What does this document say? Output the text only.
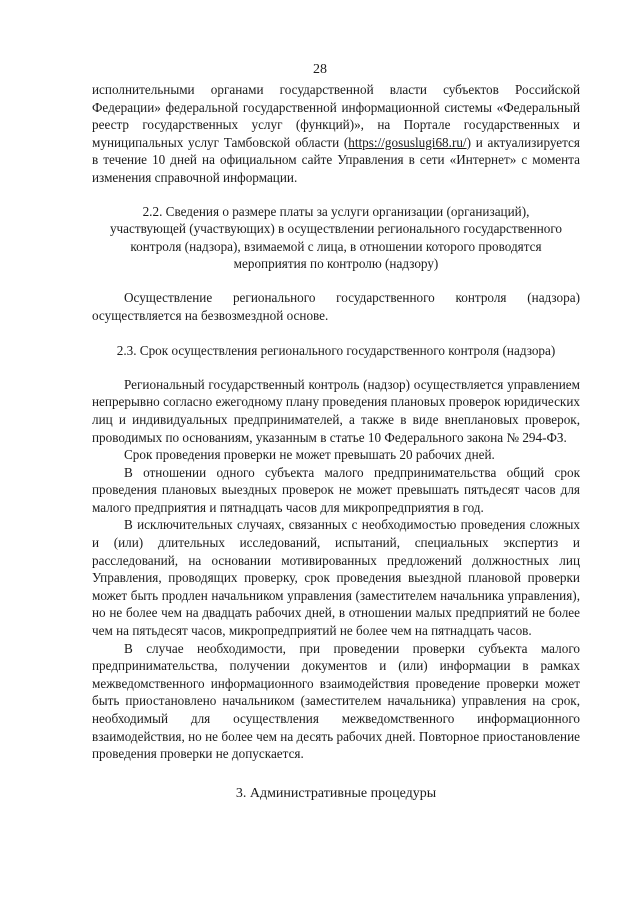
28

исполнительными органами государственной власти субъектов Российской Федерации» федеральной государственной информационной системы «Федеральный реестр государственных услуг (функций)», на Портале государственных и муниципальных услуг Тамбовской области (https://gosuslugi68.ru/) и актуализируется в течение 10 дней на официальном сайте Управления в сети «Интернет» с момента изменения справочной информации.

2.2. Сведения о размере платы за услуги организации (организаций), участвующей (участвующих) в осуществлении регионального государственного контроля (надзора), взимаемой с лица, в отношении которого проводятся мероприятия по контролю (надзору)

Осуществление регионального государственного контроля (надзора) осуществляется на безвозмездной основе.

2.3. Срок осуществления регионального государственного контроля (надзора)

Региональный государственный контроль (надзор) осуществляется управлением непрерывно согласно ежегодному плану проведения плановых проверок юридических лиц и индивидуальных предпринимателей, а также в виде внеплановых проверок, проводимых по основаниям, указанным в статье 10 Федерального закона № 294-ФЗ.

Срок проведения проверки не может превышать 20 рабочих дней.

В отношении одного субъекта малого предпринимательства общий срок проведения плановых выездных проверок не может превышать пятьдесят часов для малого предприятия и пятнадцать часов для микропредприятия в год.

В исключительных случаях, связанных с необходимостью проведения сложных и (или) длительных исследований, испытаний, специальных экспертиз и расследований, на основании мотивированных предложений должностных лиц Управления, проводящих проверку, срок проведения выездной плановой проверки может быть продлен начальником управления (заместителем начальника управления), но не более чем на двадцать рабочих дней, в отношении малых предприятий не более чем на пятьдесят часов, микропредприятий не более чем на пятнадцать часов.

В случае необходимости, при проведении проверки субъекта малого предпринимательства, получении документов и (или) информации в рамках межведомственного информационного взаимодействия проведение проверки может быть приостановлено начальником (заместителем начальника) управления на срок, необходимый для осуществления межведомственного информационного взаимодействия, но не более чем на десять рабочих дней. Повторное приостановление проведения проверки не допускается.

3. Административные процедуры
